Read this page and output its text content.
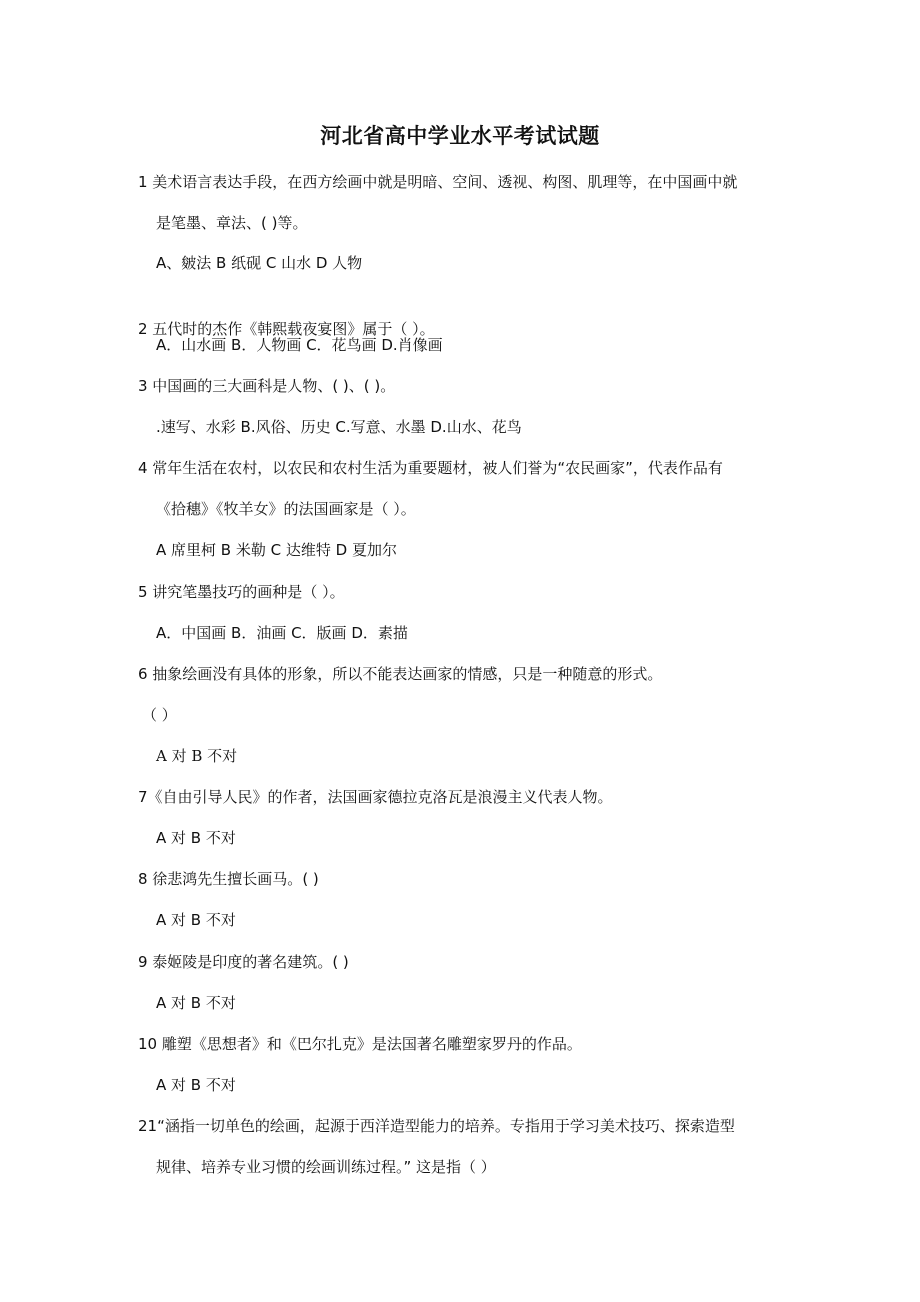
河北省高中学业水平考试试题
1 美术语言表达手段，在西方绘画中就是明暗、空间、透视、构图、肌理等，在中国画中就
是笔墨、章法、( )等。
A、皴法 B 纸砚 C 山水 D 人物
2 五代时的杰作《韩熙载夜宴图》属于（ ）。
A．山水画 B．人物画 C．花鸟画 D.肖像画
3 中国画的三大画科是人物、( )、( )。
.速写、水彩 B.风俗、历史 C.写意、水墨 D.山水、花鸟
4 常年生活在农村，以农民和农村生活为重要题材，被人们誉为“农民画家”，代表作品有
《拾穗》《牧羊女》的法国画家是（ ）。
A 席里柯 B 米勒 C 达维特 D 夏加尔
5 讲究笔墨技巧的画种是（ ）。
A．中国画 B．油画 C．版画 D．素描
6 抽象绘画没有具体的形象，所以不能表达画家的情感，只是一种随意的形式。
（ ）
A 对 B 不对
7《自由引导人民》的作者，法国画家德拉克洛瓦是浪漫主义代表人物。
A 对 B 不对
8 徐悲鸿先生擅长画马。( )
A 对 B 不对
9 泰姬陵是印度的著名建筑。( )
A 对 B 不对
10 雕塑《思想者》和《巴尔扎克》是法国著名雕塑家罗丹的作品。
A 对 B 不对
21“涵指一切单色的绘画，起源于西洋造型能力的培养。专指用于学习美术技巧、探索造型
规律、培养专业习惯的绘画训练过程。” 这是指（ ）
